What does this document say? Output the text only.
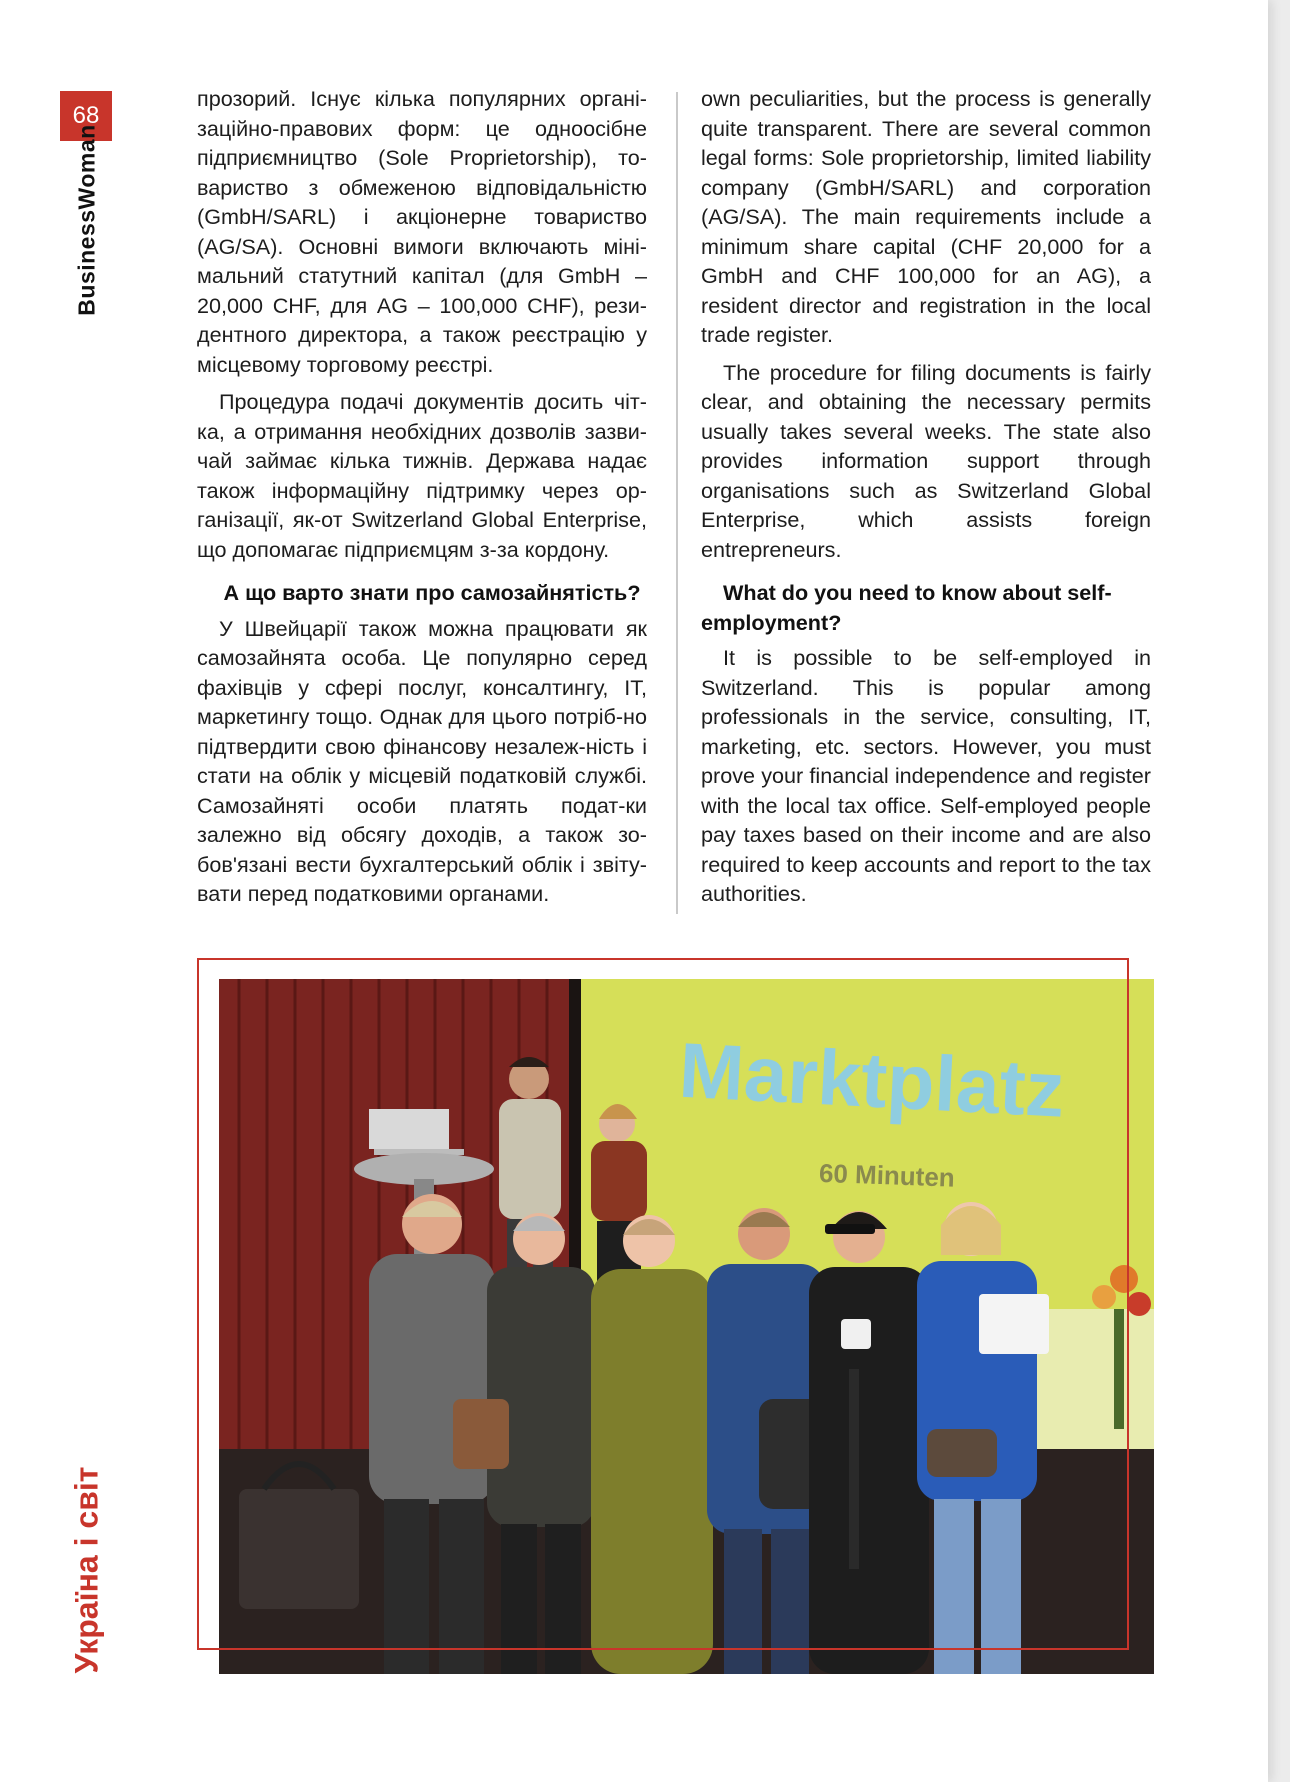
68
BusinessWoman
Україна і світ

прозорий. Існує кілька популярних органі-заційно-правових форм: це одноосібне підприємництво (Sole Proprietorship), то-вариство з обмеженою відповідальністю (GmbH/SARL) і акціонерне товариство (AG/SA). Основні вимоги включають міні-мальний статутний капітал (для GmbH – 20,000 CHF, для AG – 100,000 CHF), рези-дентного директора, а також реєстрацію у місцевому торговому реєстрі.

Процедура подачі документів досить чіт-ка, а отримання необхідних дозволів зазви-чай займає кілька тижнів. Держава надає також інформаційну підтримку через ор-ганізації, як-от Switzerland Global Enterprise, що допомагає підприємцям з-за кордону.

А що варто знати про самозайнятість?

У Швейцарії також можна працювати як самозайнята особа. Це популярно серед фахівців у сфері послуг, консалтингу, IT, маркетингу тощо. Однак для цього потріб-но підтвердити свою фінансову незалеж-ність і стати на облік у місцевій податковій службі. Самозайняті особи платять подат-ки залежно від обсягу доходів, а також зо-бов'язані вести бухгалтерський облік і звіту-вати перед податковими органами.

own peculiarities, but the process is generally quite transparent. There are several common legal forms: Sole proprietorship, limited liability company (GmbH/SARL) and corporation (AG/SA). The main requirements include a minimum share capital (CHF 20,000 for a GmbH and CHF 100,000 for an AG), a resident director and registration in the local trade register.

The procedure for filing documents is fairly clear, and obtaining the necessary permits usually takes several weeks. The state also provides information support through organisations such as Switzerland Global Enterprise, which assists foreign entrepreneurs.

What do you need to know about self-employment?

It is possible to be self-employed in Switzerland. This is popular among professionals in the service, consulting, IT, marketing, etc. sectors. However, you must prove your financial independence and register with the local tax office. Self-employed people pay taxes based on their income and are also required to keep accounts and report to the tax authorities.

Marktplatz
60 Minuten
